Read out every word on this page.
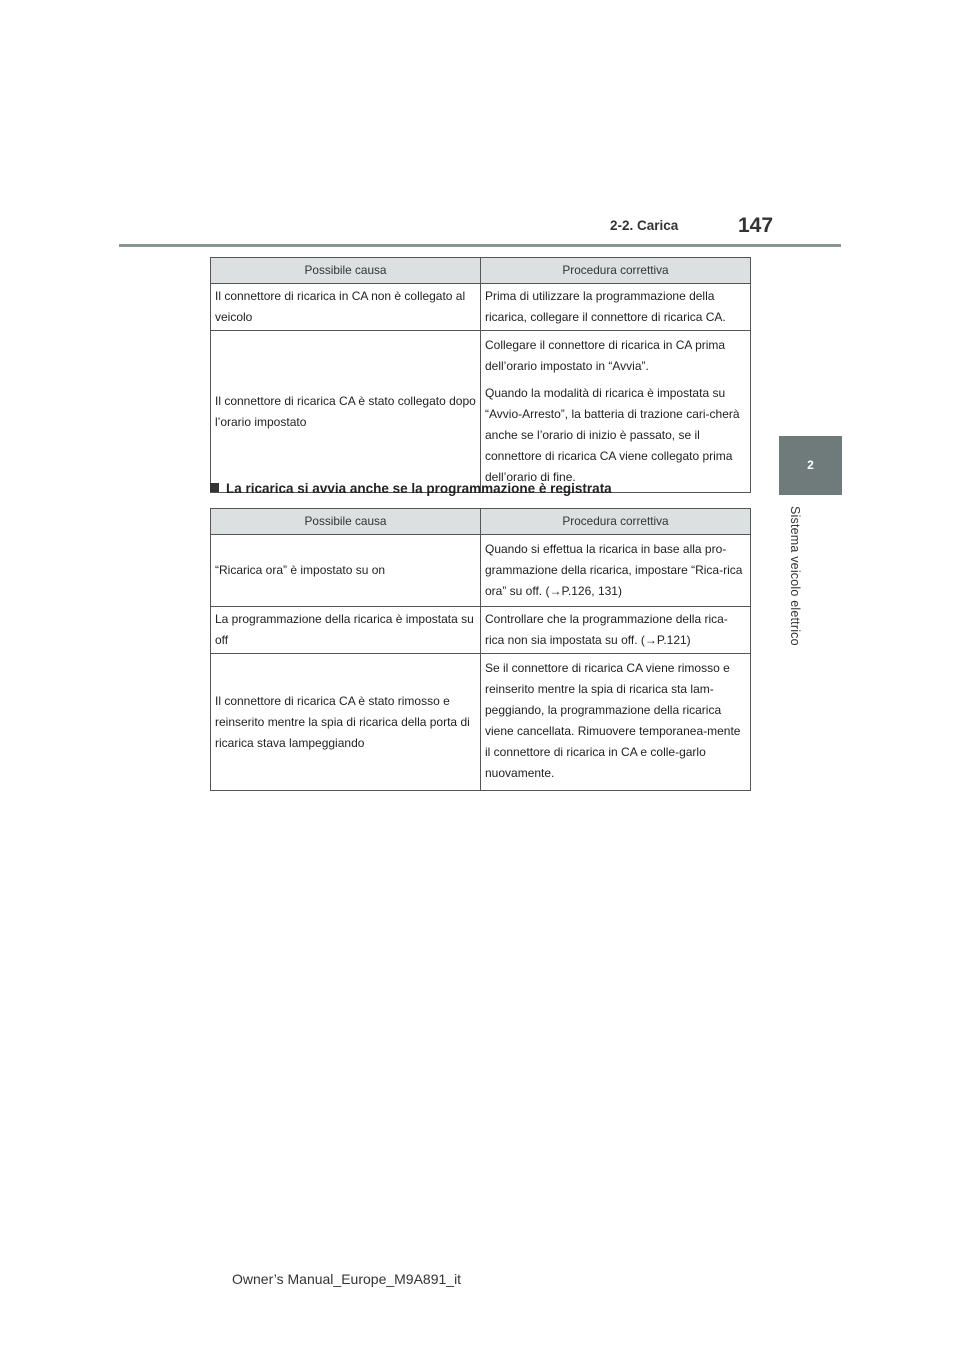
2-2. Carica	147
2
Sistema veicolo elettrico
Possibile causa	Procedura correttiva
Il connettore di ricarica in CA non è collegato al veicolo	Prima di utilizzare la programmazione della ricarica, collegare il connettore di ricarica CA.

Il connettore di ricarica CA è stato collegato dopo l’orario impostato	Collegare il connettore di ricarica in CA prima dell’orario impostato in “Avvia”.

Quando la modalità di ricarica è impostata su “Avvio-Arresto”, la batteria di trazione cari-cherà anche se l’orario di inizio è passato, se il connettore di ricarica CA viene collegato prima dell’orario di fine.

La ricarica si avvia anche se la programmazione è registrata
Possibile causa	Procedura correttiva
“Ricarica ora” è impostato su on	Quando si effettua la ricarica in base alla pro-grammazione della ricarica, impostare “Rica-rica ora” su off. (→P.126, 131)

La programmazione della ricarica è impostata su off	Controllare che la programmazione della rica-rica non sia impostata su off. (→P.121)

Il connettore di ricarica CA è stato rimosso e reinserito mentre la spia di ricarica della porta di ricarica stava lampeggiando	Se il connettore di ricarica CA viene rimosso e reinserito mentre la spia di ricarica sta lam-peggiando, la programmazione della ricarica viene cancellata. Rimuovere temporanea-mente il connettore di ricarica in CA e colle-garlo nuovamente.

Owner’s Manual_Europe_M9A891_it
